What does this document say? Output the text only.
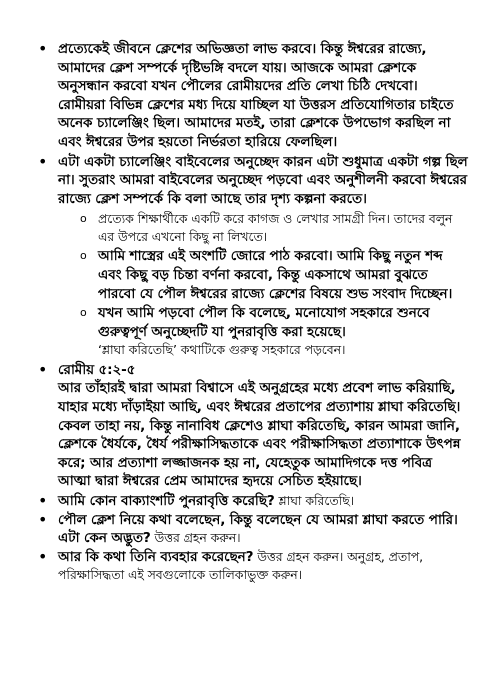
• প্রত্যেকেই জীবনে ক্লেশের অভিজ্ঞতা লাভ করবে। কিন্তু ঈশ্বরের রাজ্যে, আমাদের ক্লেশ সম্পর্কে দৃষ্টিভঙ্গি বদলে যায়। আজকে আমরা ক্লেশকে অনুসন্ধান করবো যখন পৌলের রোমীয়দের প্রতি লেখা চিঠি দেখবো। রোমীয়রা বিভিন্ন ক্লেশের মধ্য দিয়ে যাচ্ছিল যা উত্তরস প্রতিযোগিতার চাইতে অনেক চ্যালেঞ্জিং ছিল। আমাদের মতই, তারা ক্লেশকে উপভোগ করছিল না এবং ঈশ্বরের উপর হয়তো নির্ভরতা হারিয়ে ফেলছিল।
• এটা একটা চ্যালেঞ্জিং বাইবেলের অনুচ্ছেদ কারন এটা শুধুমাত্র একটা গল্প ছিল না। সুতরাং আমরা বাইবেলের অনুচ্ছেদ পড়বো এবং অনুশীলনী করবো ঈশ্বরের রাজ্যে ক্লেশ সম্পর্কে কি বলা আছে তার দৃশ্য কল্পনা করতে।
o প্রত্যেক শিক্ষার্থীকে একটি করে কাগজ ও লেখার সামগ্রী দিন। তাদের বলুন এর উপরে এখনো কিছু না লিখতে।
o আমি শাস্ত্রের এই অংশটি জোরে পাঠ করবো। আমি কিছু নতুন শব্দ এবং কিছু বড় চিন্তা বর্ণনা করবো, কিন্তু একসাথে আমরা বুঝতে পারবো যে পৌল ঈশ্বরের রাজ্যে ক্লেশের বিষয়ে শুভ সংবাদ দিচ্ছেন।
o যখন আমি পড়বো পৌল কি বলেছে, মনোযোগ সহকারে শুনবে গুরুত্বপূর্ণ অনুচ্ছেদটি যা পুনরাবৃত্তি করা হয়েছে।
‘শ্লাঘা করিতেছি’ কথাটিকে গুরুত্ব সহকারে পড়বেন।
• রোমীয় ৫:২-৫
আর তাঁহারই দ্বারা আমরা বিশ্বাসে এই অনুগ্রহের মধ্যে প্রবেশ লাভ করিয়াছি, যাহার মধ্যে দাঁড়াইয়া আছি, এবং ঈশ্বরের প্রতাপের প্রত্যাশায় শ্লাঘা করিতেছি। কেবল তাহা নয়, কিন্তু নানাবিধ ক্লেশেও শ্লাঘা করিতেছি, কারন আমরা জানি, ক্লেশকে ধৈর্যকে, ধৈর্য পরীক্ষাসিদ্ধতাকে এবং পরীক্ষাসিদ্ধতা প্রত্যাশাকে উৎপন্ন করে; আর প্রত্যাশা লজ্জাজনক হয় না, যেহেতুক আমাদিগকে দত্ত পবিত্র আত্মা দ্বারা ঈশ্বরের প্রেম আমাদের হৃদয়ে সেচিত হইয়াছে।
• আমি কোন বাক্যাংশটি পুনরাবৃত্তি করেছি? শ্লাঘা করিতেছি।
• পৌল ক্লেশ নিয়ে কথা বলেছেন, কিন্তু বলেছেন যে আমরা শ্লাঘা করতে পারি। এটা কেন অদ্ভুত? উত্তর গ্রহন করুন।
• আর কি কথা তিনি ব্যবহার করেছেন? উত্তর গ্রহন করুন। অনুগ্রহ, প্রতাপ, পরিক্ষাসিদ্ধতা এই সবগুলোকে তালিকাভুক্ত করুন।
